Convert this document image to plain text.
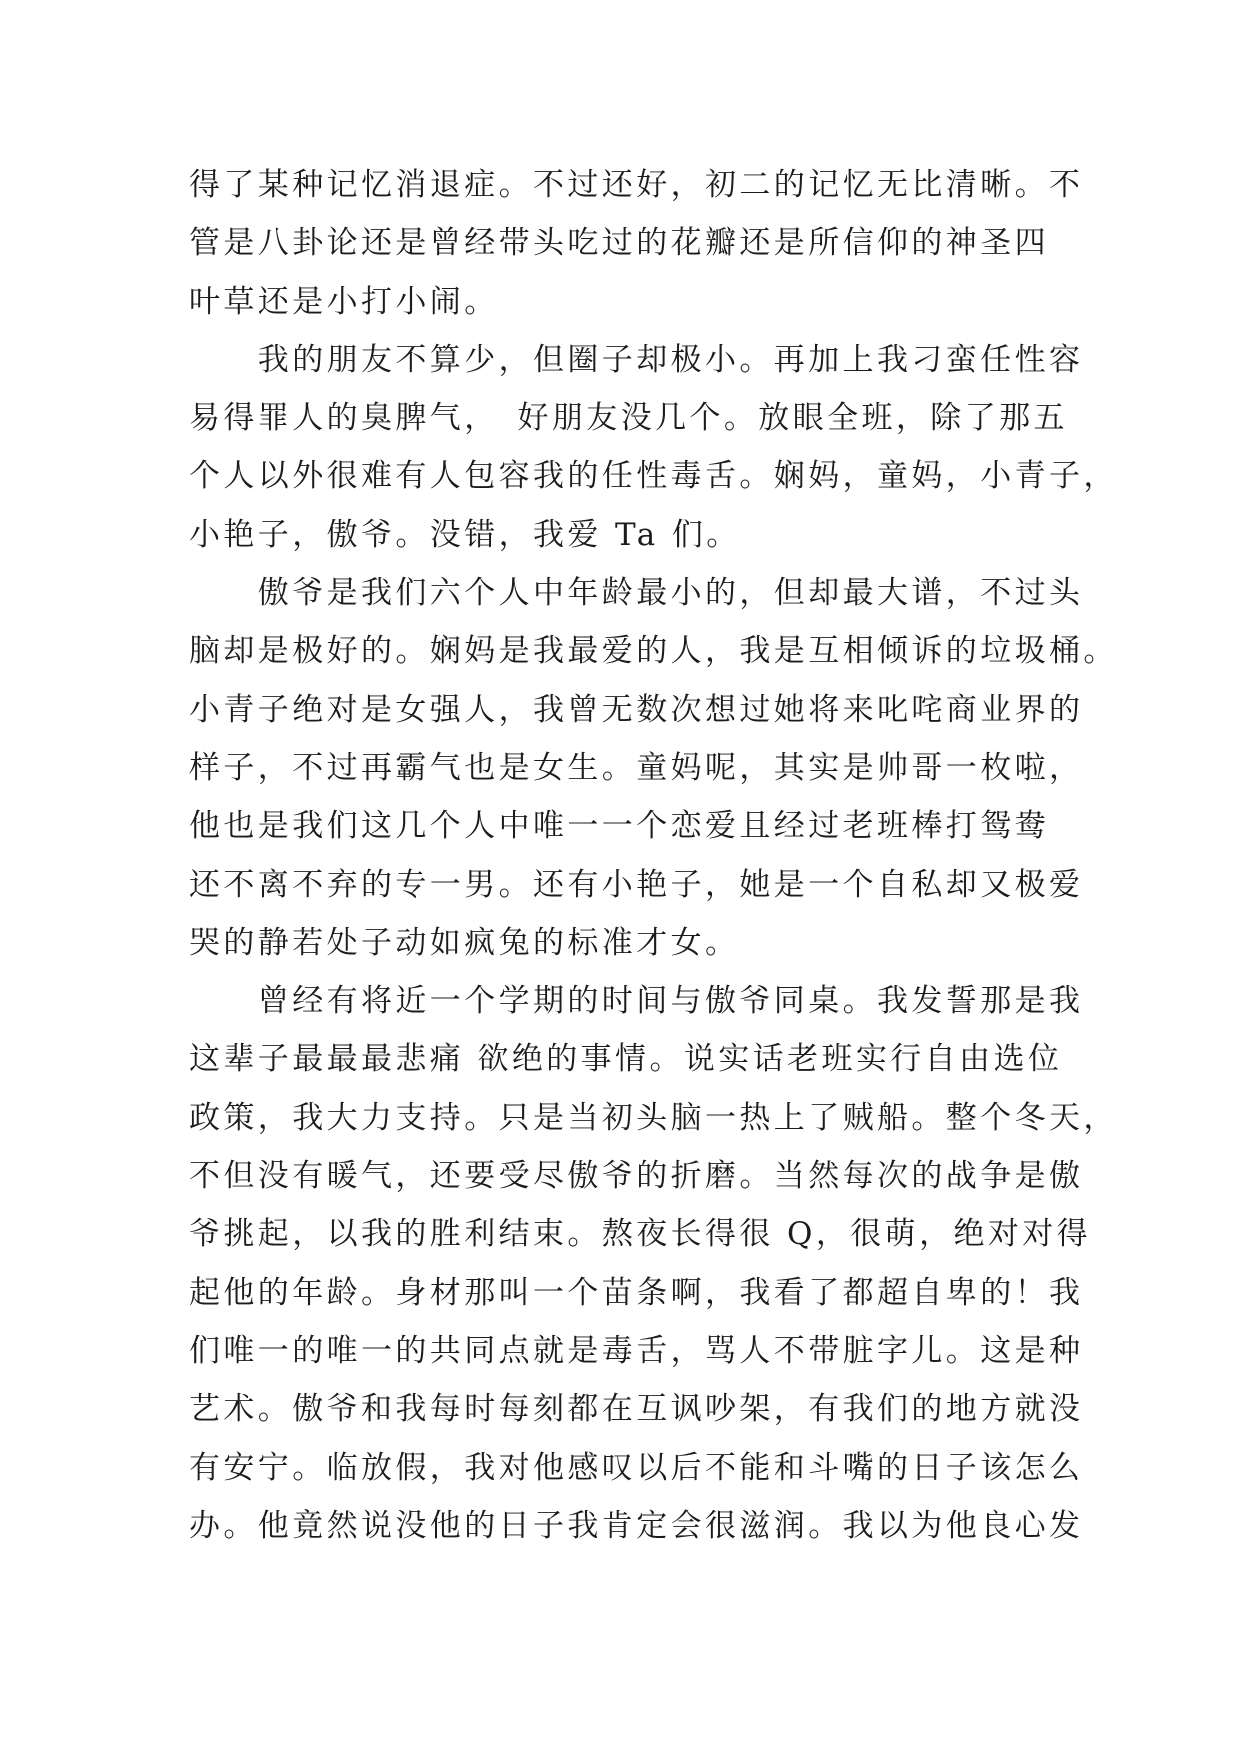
得了某种记忆消退症。不过还好，初二的记忆无比清晰。不
管是八卦论还是曾经带头吃过的花瓣还是所信仰的神圣四
叶草还是小打小闹。
　　我的朋友不算少，但圈子却极小。再加上我刁蛮任性容
易得罪人的臭脾气，　好朋友没几个。放眼全班，除了那五
个人以外很难有人包容我的任性毒舌。娴妈，童妈，小青子，
小艳子，傲爷。没错，我爱 Ta 们。
　　傲爷是我们六个人中年龄最小的，但却最大谱，不过头
脑却是极好的。娴妈是我最爱的人，我是互相倾诉的垃圾桶。
小青子绝对是女强人，我曾无数次想过她将来叱咤商业界的
样子，不过再霸气也是女生。童妈呢，其实是帅哥一枚啦，
他也是我们这几个人中唯一一个恋爱且经过老班棒打鸳鸯
还不离不弃的专一男。还有小艳子，她是一个自私却又极爱
哭的静若处子动如疯兔的标准才女。
　　曾经有将近一个学期的时间与傲爷同桌。我发誓那是我
这辈子最最最悲痛 欲绝的事情。说实话老班实行自由选位
政策，我大力支持。只是当初头脑一热上了贼船。整个冬天，
不但没有暖气，还要受尽傲爷的折磨。当然每次的战争是傲
爷挑起，以我的胜利结束。熬夜长得很 Q，很萌，绝对对得
起他的年龄。身材那叫一个苗条啊，我看了都超自卑的！我
们唯一的唯一的共同点就是毒舌，骂人不带脏字儿。这是种
艺术。傲爷和我每时每刻都在互讽吵架，有我们的地方就没
有安宁。临放假，我对他感叹以后不能和斗嘴的日子该怎么
办。他竟然说没他的日子我肯定会很滋润。我以为他良心发
